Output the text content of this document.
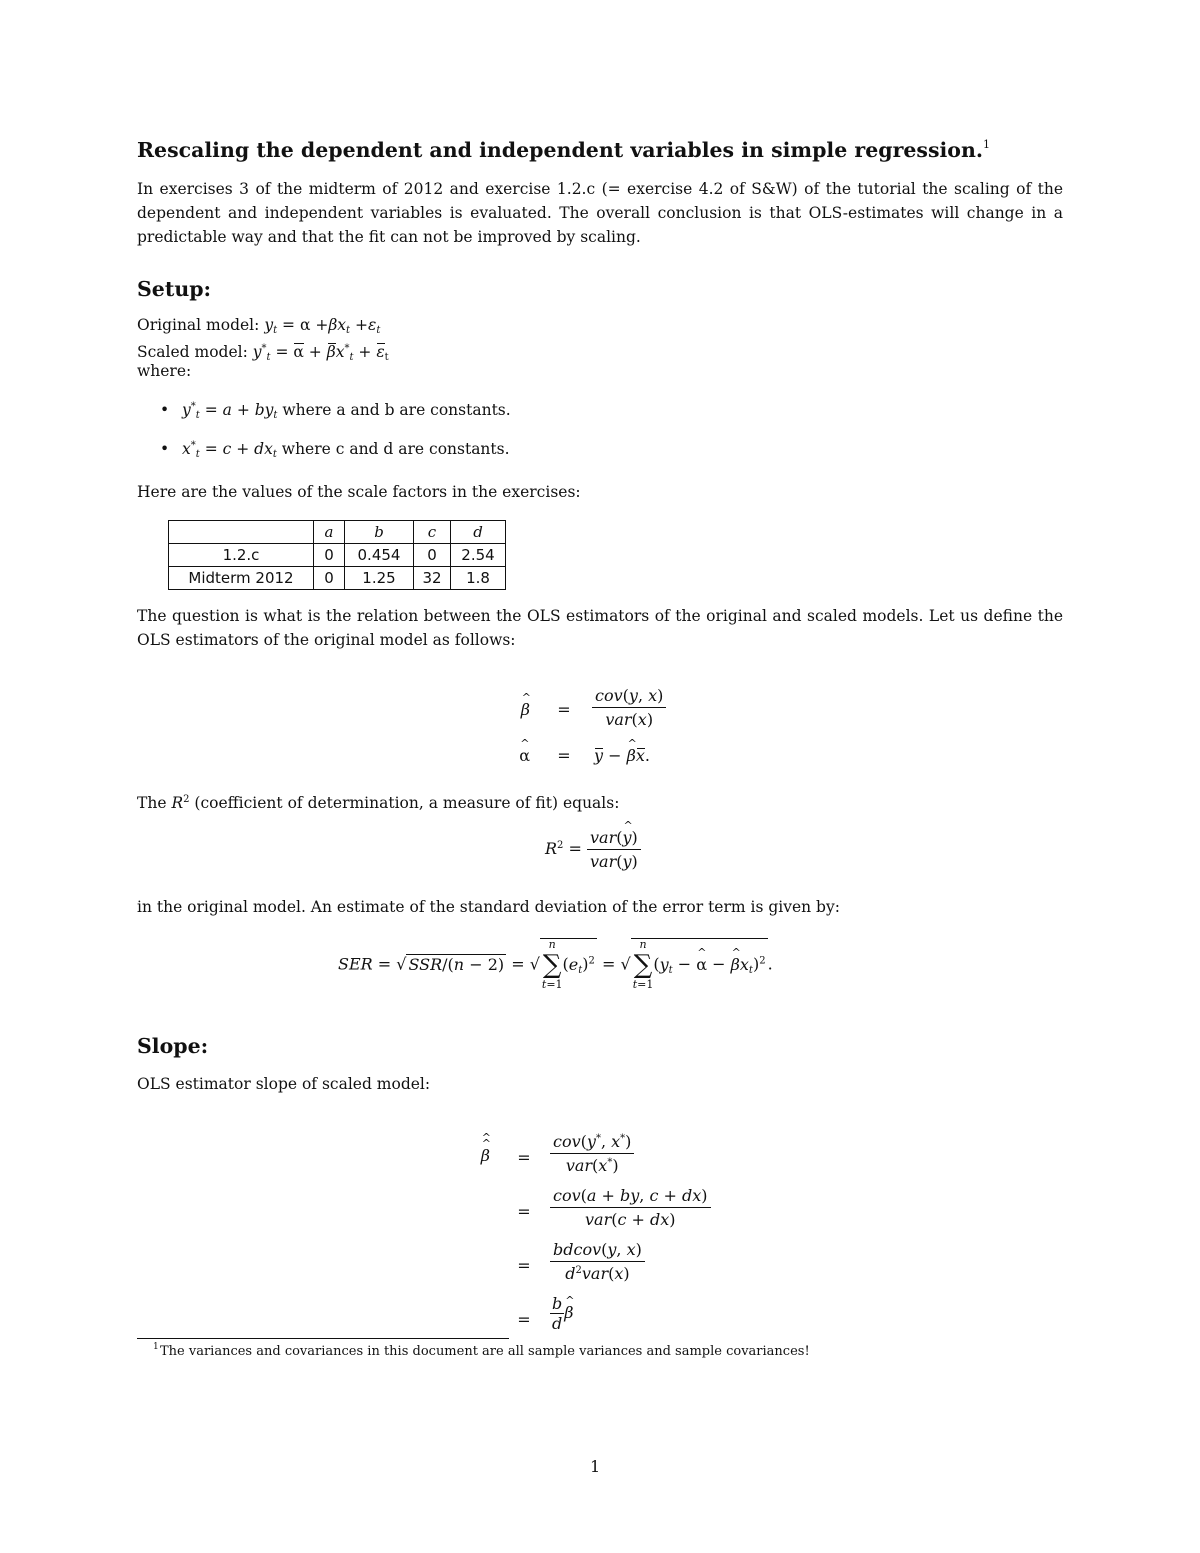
Rescaling the dependent and independent variables in simple regression.$^1$
In exercises 3 of the midterm of 2012 and exercise 1.2.c (= exercise 4.2 of S&W) of the tutorial the scaling of the dependent and independent variables is evaluated. The overall conclusion is that OLS-estimates will change in a predictable way and that the fit can not be improved by scaling.
Setup:
Original model: $y_t = \alpha +\beta x_t +\varepsilon_t$
Scaled model: $y^*_t = \alpha + \beta x^*_t + \varepsilon_t$
where:
• $y^*_t = a + by_t$ where a and b are constants.
• $x^*_t = c + dx_t$ where c and d are constants.
Here are the values of the scale factors in the exercises:
	a	b	c	d
1.2.c	0	0.454	0	2.54
Midterm 2012	0	1.25	32	1.8
The question is what is the relation between the OLS estimators of the original and scaled models. Let us define the OLS estimators of the original model as follows:
^ $\beta = \frac{\text{cov(y, x)}}{\text{var(x)}}$
^ α = y − ^ βx.
The $R^2$ (coefficient of determination, a measure of fit) equals:
$R^2 = \frac{\text{var(\textasciicircum{} y)}}{\text{var(y)}}$
in the original model. An estimate of the standard deviation of the error term is given by:
SER = √ SSR/(n − 2) = √n
∑
$t=1(e_t)^2 = √n$
∑
$t=1(y_t$ − ^ α − ^ $\beta x_t)^2$ .
Slope:
OLS estimator slope of scaled model:
^ β ^ = $\frac{cov(y^*, x^*)}{var(x^*)}$
= $\frac{\text{cov(a + by, c + dx)}}{\text{var(c + dx)}}$
= $\frac{\text{bdcov(y, x)}}{d^2var(x)}$
= $\frac{b}{d}$ ^ β
1 The variances and covariances in this document are all sample variances and sample covariances!
1
